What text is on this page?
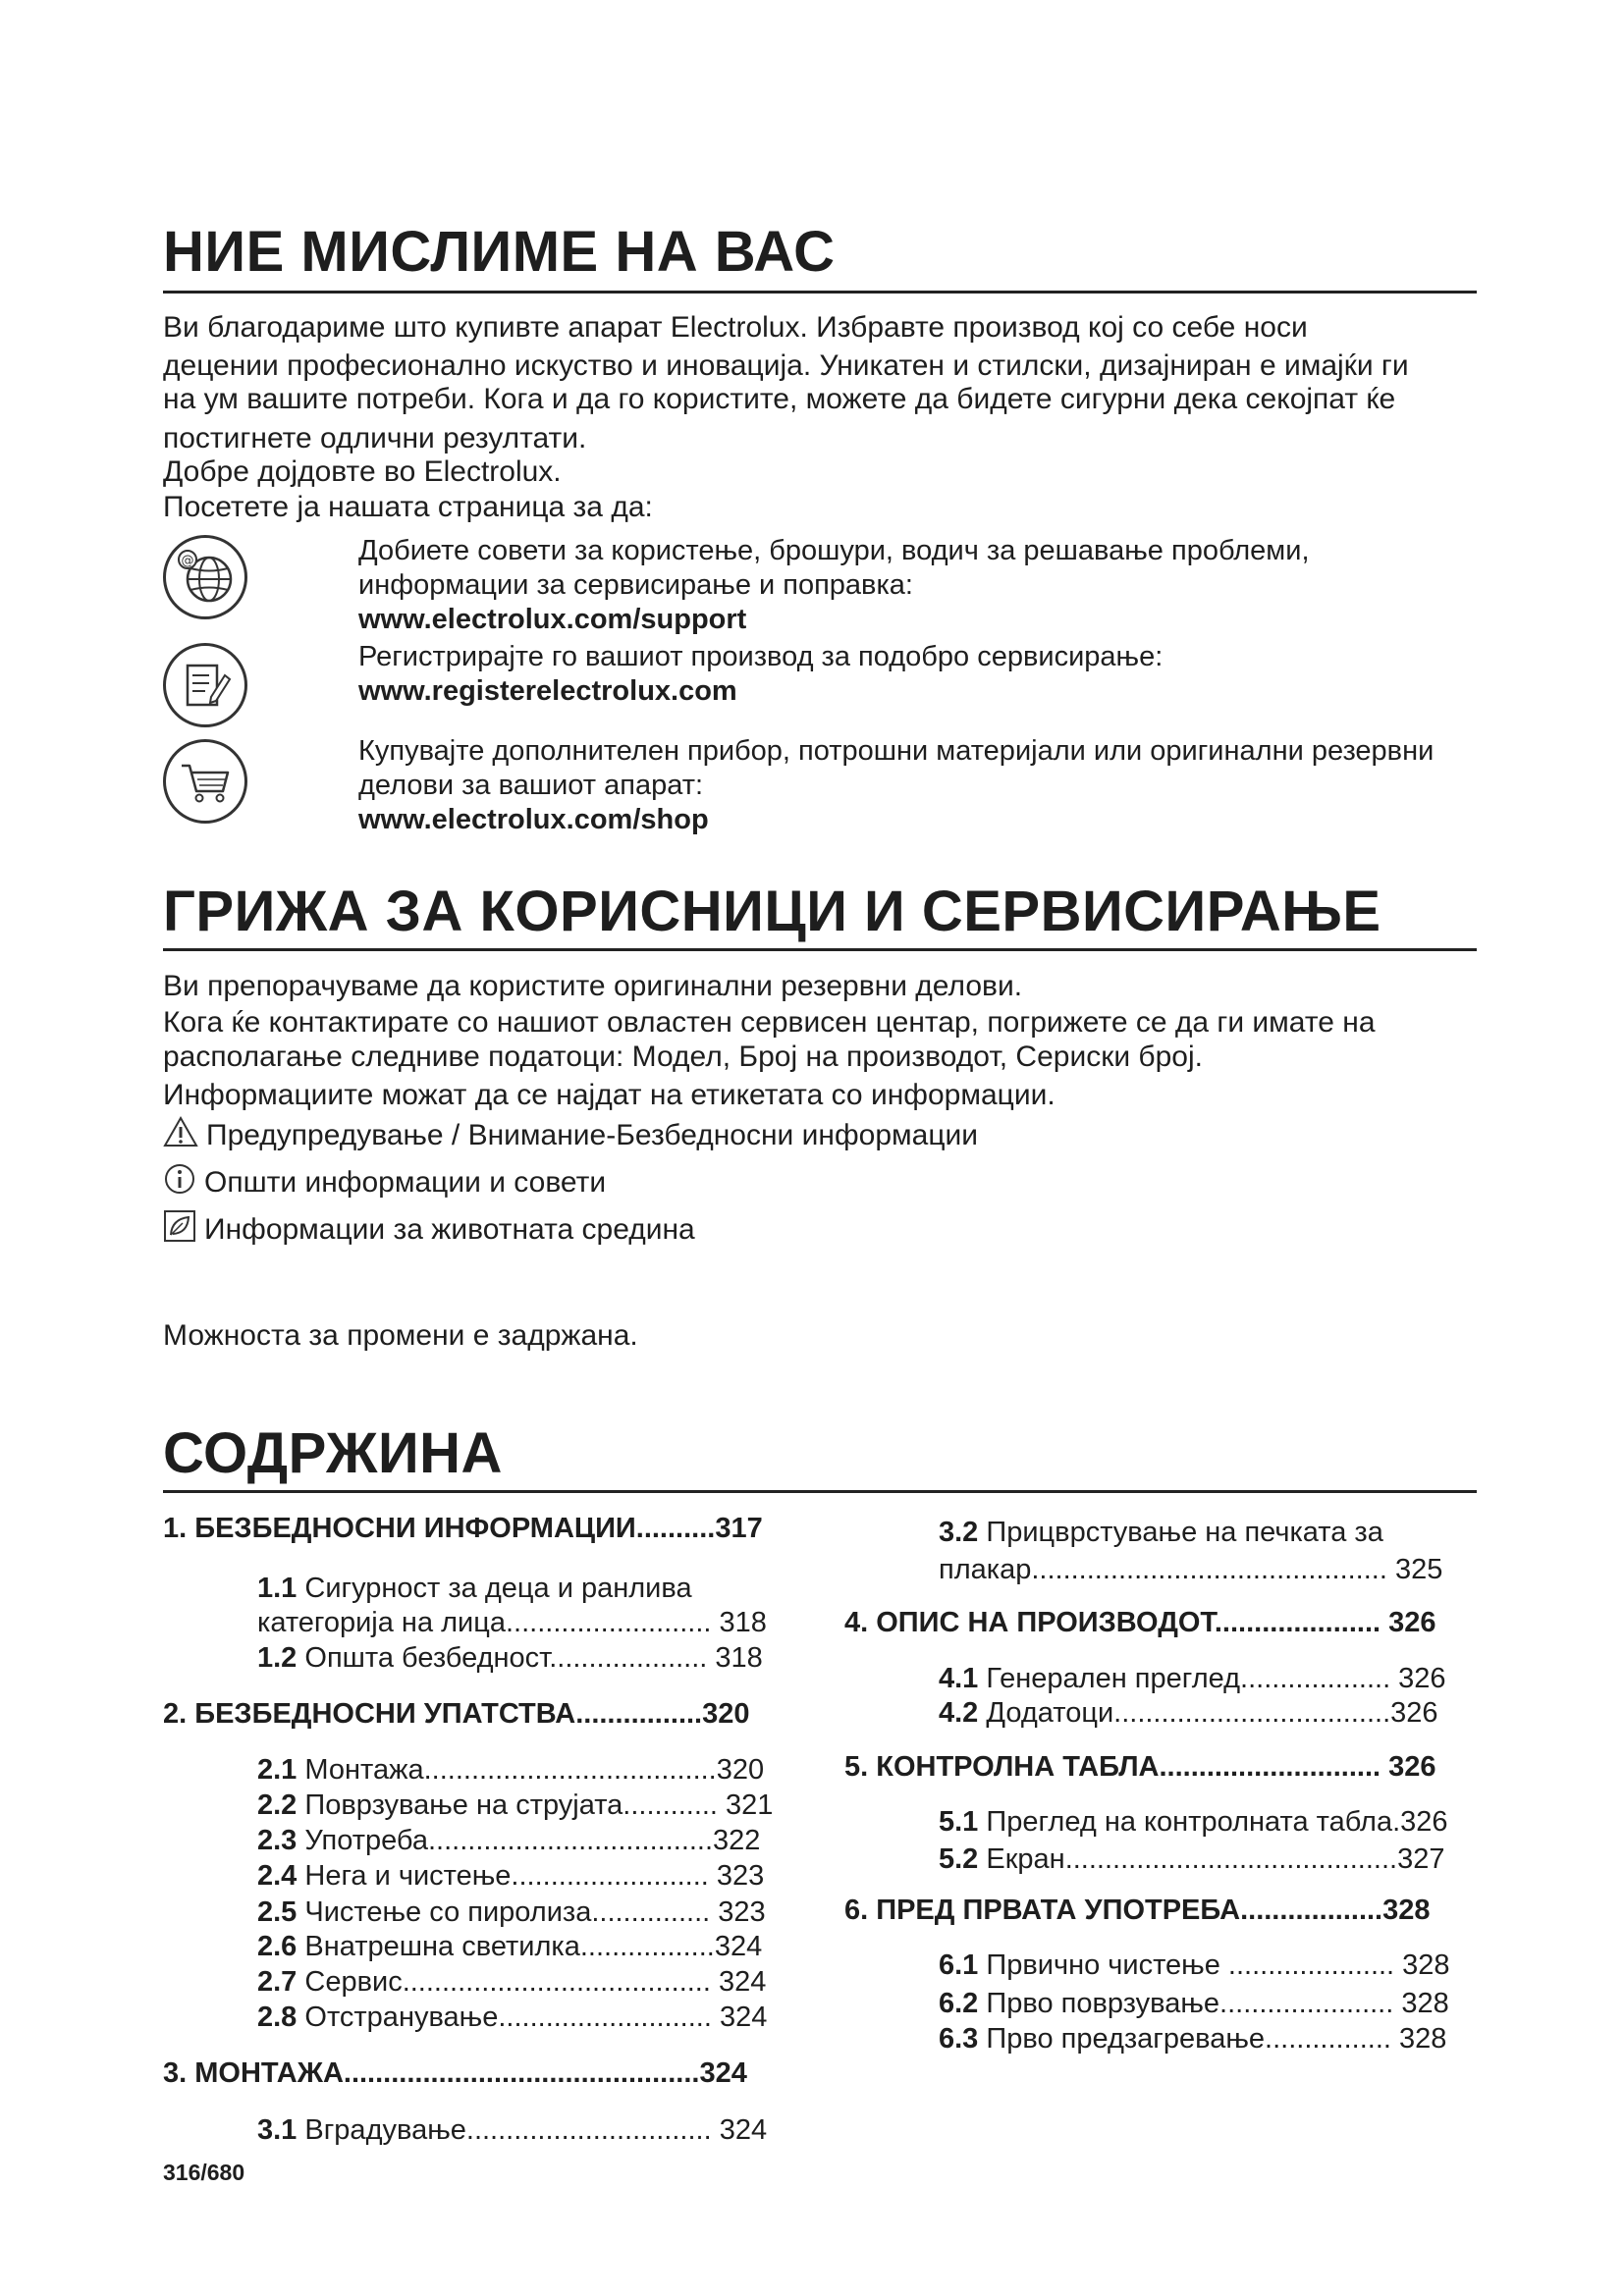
НИЕ МИСЛИМЕ НА ВАС

Ви благодариме што купивте апарат Electrolux. Избравте производ кој со себе носи

децении професионално искуство и иновација. Уникатен и стилски, дизајниран е имајќи ги

на ум вашите потреби. Кога и да го користите, можете да бидете сигурни дека секојпат ќе

постигнете одлични резултати.

Добре дојдовте во Electrolux.

Посетете ја нашата страница за да:

@	Добиете совети за користење, брошури, водич за решавање проблеми,
информации за сервисирање и поправка:
www.electrolux.com/support
Регистрирајте го вашиот производ за подобро сервисирање:
www.registerelectrolux.com
Купувајте дополнителен прибор, потрошни материјали или оригинални резервни
делови за вашиот апарат:
www.electrolux.com/shop
ГРИЖА ЗА КОРИСНИЦИ И СЕРВИСИРАЊЕ

Ви препорачуваме да користите оригинални резервни делови.

Кога ќе контактирате со нашиот овластен сервисен центар, погрижете се да ги имате на

располагање следниве податоци: Модел, Број на производот, Сериски број.

Информациите можат да се најдат на етикетата со информации.

Предупредување / Внимание-Безбедносни информации
Општи информации и совети
Информации за животната средина

Можноста за промени е задржана.

СОДРЖИНА
1. БЕЗБЕДНОСНИ ИНФОРМАЦИИ..........317
1.1 Сигурност за деца и ранлива
категорија на лица.......................... 318
1.2 Општа безбедност.................... 318
2. БЕЗБЕДНОСНИ УПАТСТВА................320
2.1 Монтажа.....................................320
2.2 Поврзување на струјата............ 321
2.3 Употреба....................................322
2.4 Нега и чистење......................... 323
2.5 Чистење со пиролиза............... 323
2.6 Внатрешна светилка.................324
2.7 Сервис....................................... 324
2.8 Отстранување........................... 324
3. МОНТАЖА.............................................324
3.1 Вградување............................... 324
3.2 Прицврстување на печката за
плакар............................................. 325
4. ОПИС НА ПРОИЗВОДОТ..................... 326
4.1 Генерален преглед................... 326
4.2 Додатоци...................................326
5. КОНТРОЛНА ТАБЛА............................ 326
5.1 Преглед на контролната табла.326
5.2 Екран..........................................327
6. ПРЕД ПРВАТА УПОТРЕБА..................328
6.1 Првично чистење ..................... 328
6.2 Прво поврзување...................... 328
6.3 Прво предзагревање................ 328
316/680
